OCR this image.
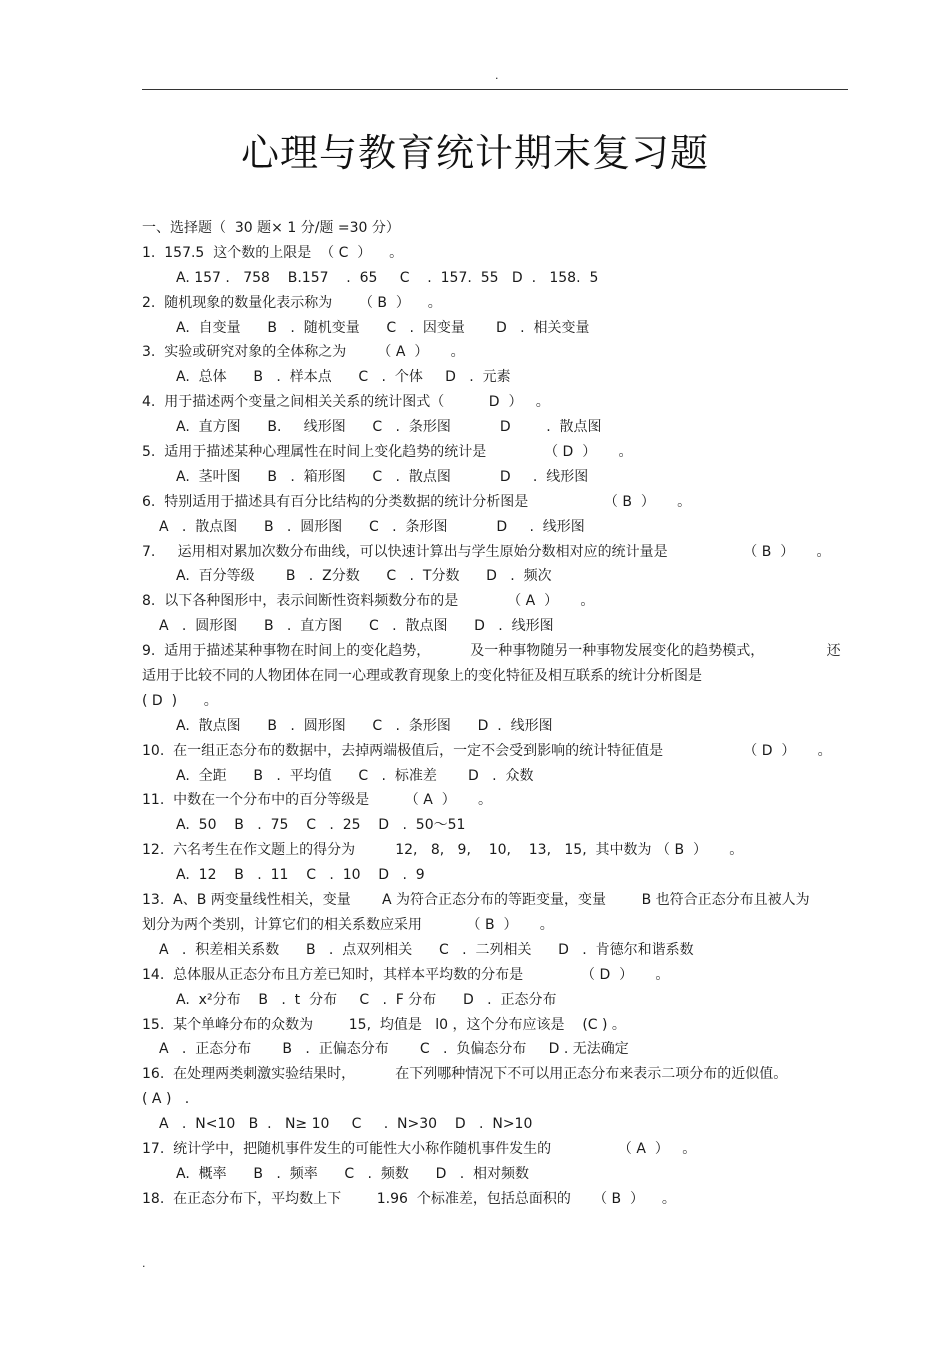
.
心理与教育统计期末复习题
一、选择题（  30 题× 1 分/题 =30 分）
1.  157.5  这个数的上限是  （ C  ）    。
A. 157 .   758    B.157    .  65     C    .  157.  55   D  .   158.  5
2.  随机现象的数量化表示称为      （ B  ）    。
A.  自变量      B   .  随机变量      C   .  因变量       D   .  相关变量
3.  实验或研究对象的全体称之为       （ A  ）     。
A.  总体      B   .  样本点      C   .  个体     D   .  元素
4.  用于描述两个变量之间相关关系的统计图式（          D  ）   。
A.  直方图      B.     线形图      C   .  条形图           D        .  散点图
5.  适用于描述某种心理属性在时间上变化趋势的统计是             （ D  ）     。
A.  茎叶图      B   .  箱形图      C   .  散点图           D     .  线形图
6.  特别适用于描述具有百分比结构的分类数据的统计分析图是                 （ B  ）     。
A   .  散点图      B   .  圆形图      C   .  条形图           D     .  线形图
7.     运用相对累加次数分布曲线，可以快速计算出与学生原始分数相对应的统计量是                 （ B  ）     。
A.  百分等级       B   .  Z分数      C   .  T分数      D   .  频次
8.  以下各种图形中，表示间断性资料频数分布的是           （ A  ）     。
A   .  圆形图      B   .  直方图      C   .  散点图      D   .  线形图
9.  适用于描述某种事物在时间上的变化趋势，         及一种事物随另一种事物发展变化的趋势模式，              还
适用于比较不同的人物团体在同一心理或教育现象上的变化特征及相互联系的统计分析图是
( D  )      。
A.  散点图      B   .  圆形图      C   .  条形图      D  .  线形图
10.  在一组正态分布的数据中，去掉两端极值后，一定不会受到影响的统计特征值是                  （ D  ）     。
A.  全距      B   .  平均值      C   .  标准差       D   .  众数
11.  中数在一个分布中的百分等级是        （ A  ）     。
A.  50    B   .  75    C   .  25    D   .  50～51
12.  六名考生在作文题上的得分为         12,   8,   9,    10,    13,   15,  其中数为 （ B  ）     。
A.  12    B   .  11    C   .  10    D   .  9
13.  A、B 两变量线性相关，变量       A 为符合正态分布的等距变量，变量        B 也符合正态分布且被人为
划分为两个类别，计算它们的相关系数应采用          （ B  ）     。
A   .  积差相关系数      B   .  点双列相关      C   .  二列相关      D   .  肯德尔和谐系数
14.  总体服从正态分布且方差已知时，其样本平均数的分布是             （ D  ）     。
A.  x²分布    B   .  t  分布     C   .  F 分布      D   .  正态分布
15.  某个单峰分布的众数为        15,  均值是   l0 ，这个分布应该是    (C ) 。
A   .  正态分布       B   .  正偏态分布       C   .  负偏态分布     D . 无法确定
16.  在处理两类刺激实验结果时，         在下列哪种情况下不可以用正态分布来表示二项分布的近似值。
( A )   .
A   .  N<10   B  .   N≥ 10     C     .  N>30    D   .  N>10
17.  统计学中，把随机事件发生的可能性大小称作随机事件发生的               （ A  ）   。
A.  概率      B   .  频率      C   .  频数      D   .  相对频数
18.  在正态分布下，平均数上下        1.96  个标准差，包括总面积的     （ B  ）    。
.
